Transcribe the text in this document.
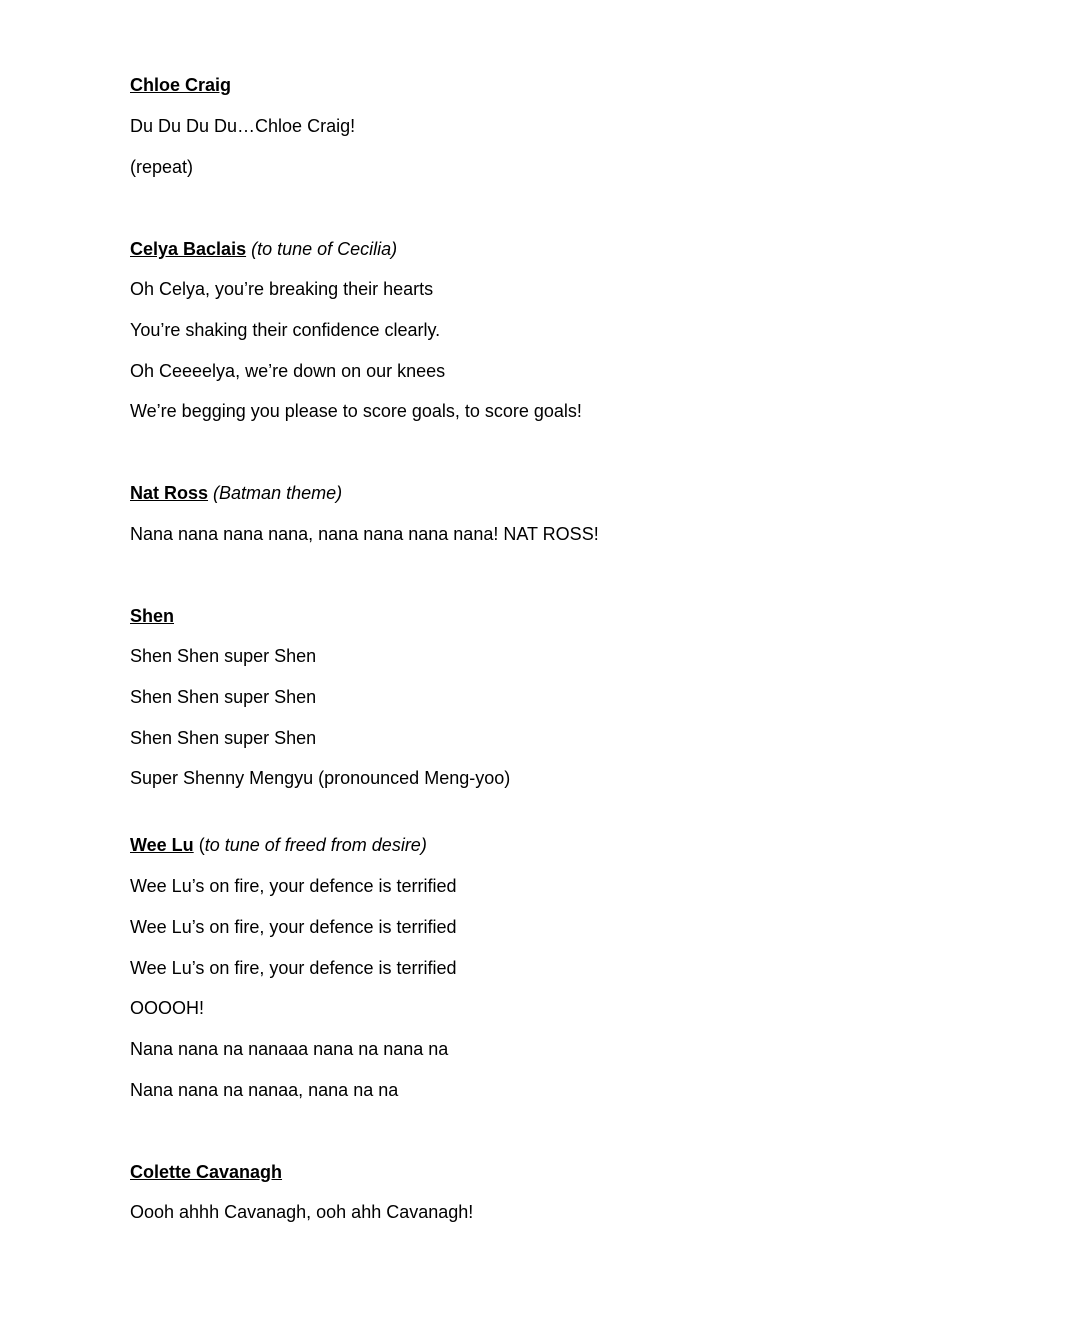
Chloe Craig
Du Du Du Du…Chloe Craig!
(repeat)
Celya Baclais (to tune of Cecilia)
Oh Celya, you’re breaking their hearts
You’re shaking their confidence clearly.
Oh Ceeeelya, we’re down on our knees
We’re begging you please to score goals, to score goals!
Nat Ross (Batman theme)
Nana nana nana nana, nana nana nana nana! NAT ROSS!
Shen
Shen Shen super Shen
Shen Shen super Shen
Shen Shen super Shen
Super Shenny Mengyu (pronounced Meng-yoo)
Wee Lu (to tune of freed from desire)
Wee Lu’s on fire, your defence is terrified
Wee Lu’s on fire, your defence is terrified
Wee Lu’s on fire, your defence is terrified
OOOOH!
Nana nana na nanaaa nana na nana na
Nana nana na nanaa, nana na na
Colette Cavanagh
Oooh ahhh Cavanagh, ooh ahh Cavanagh!
